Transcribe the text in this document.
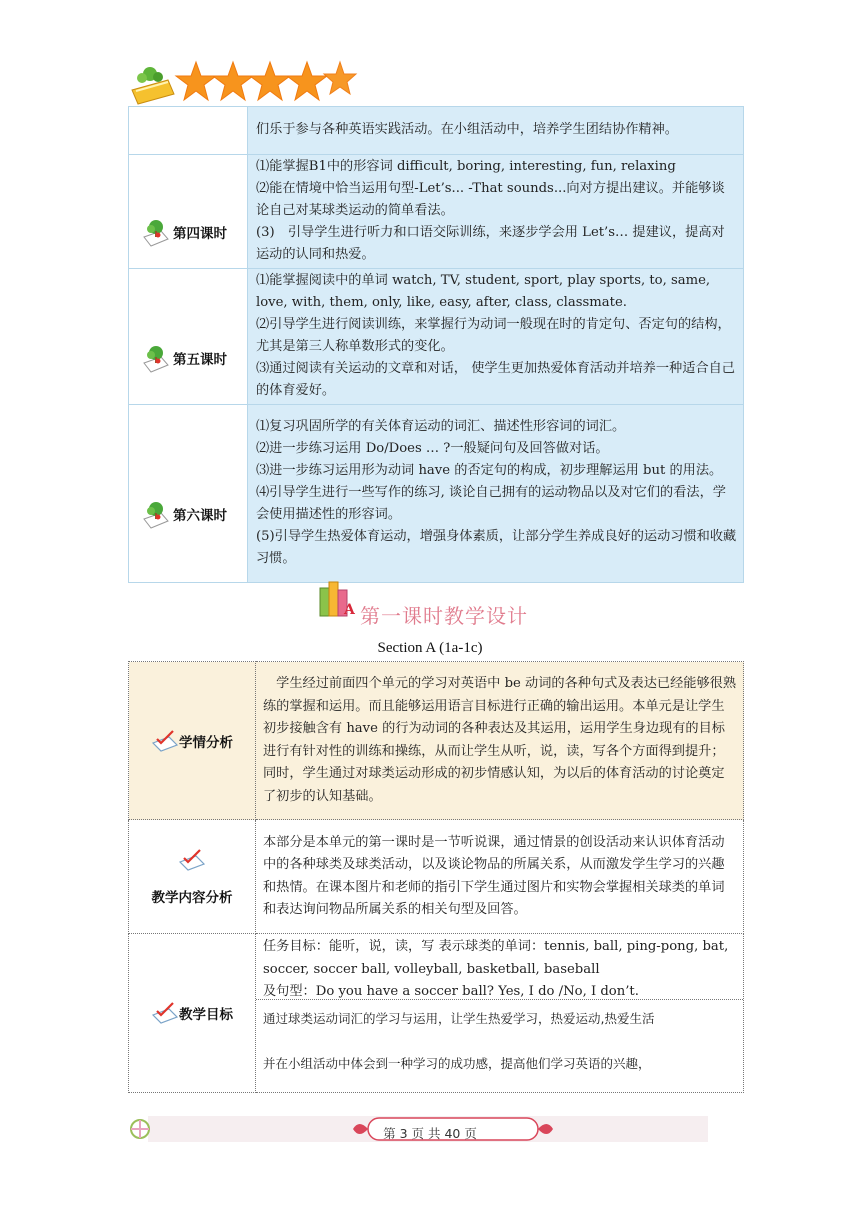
	们乐于参与各种英语实践活动。在小组活动中，培养学生团结协作精神。

第四课时	⑴能掌握B1中的形容词 difficult, boring, interesting, fun, relaxing

⑵能在情境中恰当运用句型-Let’s... -That sounds...向对方提出建议。并能够谈论自己对某球类运动的简单看法。

(3)　引导学生进行听力和口语交际训练，来逐步学会用 Let’s… 提建议，提高对运动的认同和热爱。

第五课时	⑴能掌握阅读中的单词 watch, TV, student, sport, play sports, to, same, love, with, them, only, like, easy, after, class, classmate.

⑵引导学生进行阅读训练，来掌握行为动词一般现在时的肯定句、否定句的结构，尤其是第三人称单数形式的变化。

⑶通过阅读有关运动的文章和对话， 使学生更加热爱体育活动并培养一种适合自己的体育爱好。

第六课时	⑴复习巩固所学的有关体育运动的词汇、描述性形容词的词汇。

⑵进一步练习运用 Do/Does … ?一般疑问句及回答做对话。

⑶进一步练习运用形为动词 have 的否定句的构成，初步理解运用 but 的用法。

⑷引导学生进行一些写作的练习, 谈论自己拥有的运动物品以及对它们的看法，学会使用描述性的形容词。

(5)引导学生热爱体育运动，增强身体素质，让部分学生养成良好的运动习惯和收藏习惯。

A 第一课时教学设计
Section A (1a-1c)
学情分析	　学生经过前面四个单元的学习对英语中 be 动词的各种句式及表达已经能够很熟练的掌握和运用。而且能够运用语言目标进行正确的输出运用。本单元是让学生初步接触含有 have 的行为动词的各种表达及其运用，运用学生身边现有的目标进行有针对性的训练和操练，从而让学生从听，说，读，写各个方面得到提升；同时，学生通过对球类运动形成的初步情感认知，为以后的体育活动的讨论奠定了初步的认知基础。

教学内容分析	本部分是本单元的第一课时是一节听说课，通过情景的创设活动来认识体育活动中的各种球类及球类活动，以及谈论物品的所属关系，从而激发学生学习的兴趣和热情。在课本图片和老师的指引下学生通过图片和实物会掌握相关球类的单词和表达询问物品所属关系的相关句型及回答。

教学目标	任务目标：能听，说，读，写 表示球类的单词：tennis, ball, ping-pong, bat, soccer, soccer ball, volleyball, basketball, baseball
及句型：Do you have a soccer ball? Yes, I do /No, I don’t.
通过球类运动词汇的学习与运用，让学生热爱学习，热爱运动,热爱生活
并在小组活动中体会到一种学习的成功感，提高他们学习英语的兴趣，
第 3 页 共 40 页
